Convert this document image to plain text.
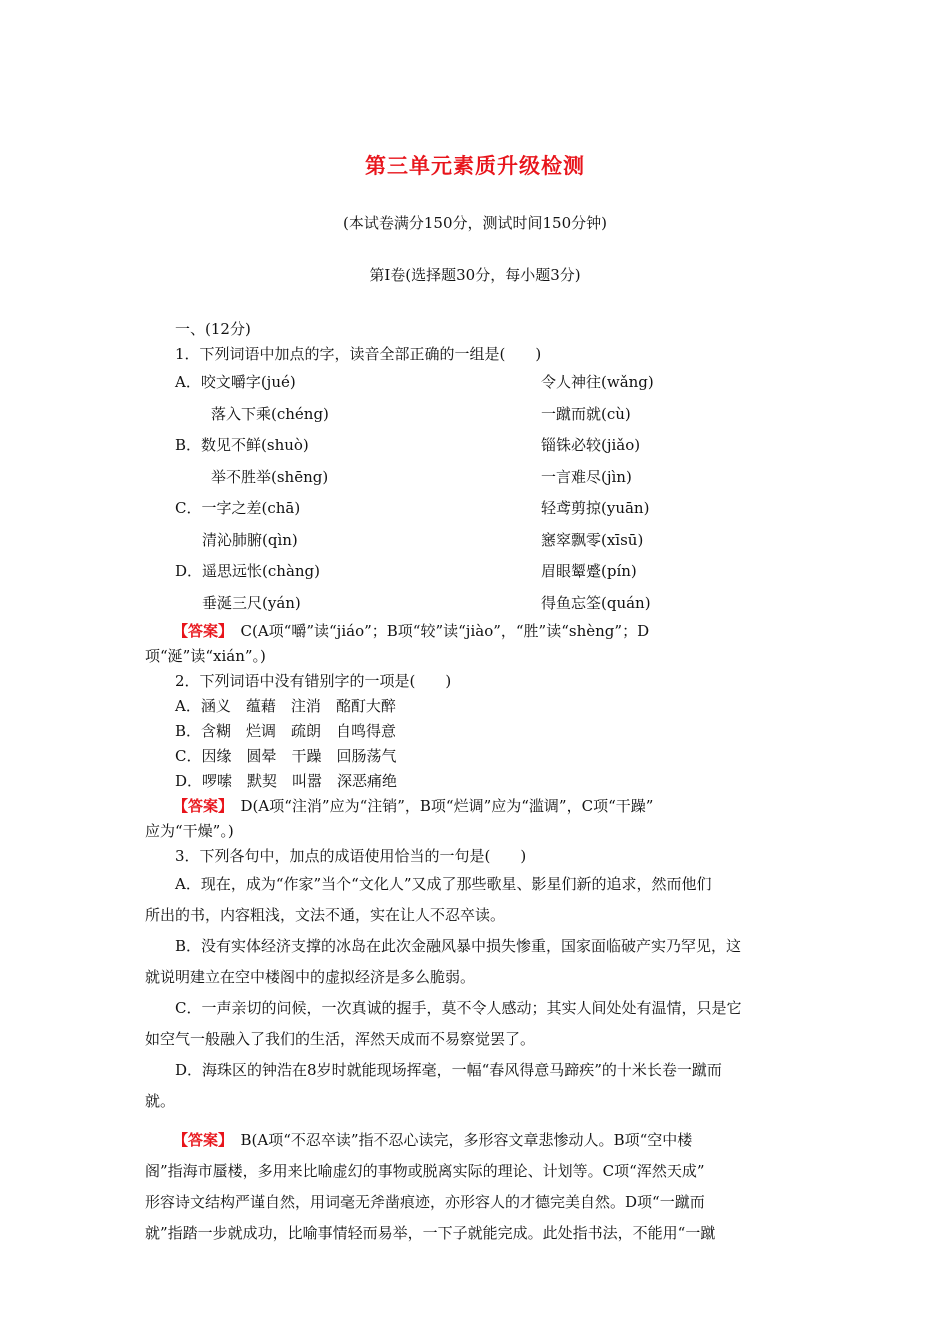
第三单元素质升级检测
(本试卷满分150分，测试时间150分钟)
第Ⅰ卷(选择题30分，每小题3分)
一、(12分)
1．下列词语中加点的字，读音全部正确的一组是(　　)
A．咬文嚼字(jué)	令人神往(wǎng)
落入下乘(chéng)	一蹴而就(cù)
B．数见不鲜(shuò)	锱铢必较(jiǎo)
举不胜举(shēng)	一言难尽(jìn)
C．一字之差(chā)	轻鸢剪掠(yuān)
清沁肺腑(qìn)	窸窣飘零(xīsū)
D．遥思远怅(chàng)	眉眼颦蹙(pín)
垂涎三尺(yán)	得鱼忘筌(quán)
【答案】　C(A项“嚼”读“jiáo”；B项“较”读“jiào”，“胜”读“shèng”；D
项“涎”读“xián”。)
2．下列词语中没有错别字的一项是(　　)
A．涵义　蕴藉　注消　酩酊大醉
B．含糊　烂调　疏朗　自鸣得意
C．因缘　圆晕　干躁　回肠荡气
D．啰嗦　默契　叫嚣　深恶痛绝
【答案】　D(A项“注消”应为“注销”，B项“烂调”应为“滥调”，C项“干躁”
应为“干燥”。)
3．下列各句中，加点的成语使用恰当的一句是(　　)
A．现在，成为“作家”当个“文化人”又成了那些歌星、影星们新的追求，然而他们
所出的书，内容粗浅，文法不通，实在让人不忍卒读。
B．没有实体经济支撑的冰岛在此次金融风暴中损失惨重，国家面临破产实乃罕见，这
就说明建立在空中楼阁中的虚拟经济是多么脆弱。
C．一声亲切的问候，一次真诚的握手，莫不令人感动；其实人间处处有温情，只是它
如空气一般融入了我们的生活，浑然天成而不易察觉罢了。
D．海珠区的钟浩在8岁时就能现场挥毫，一幅“春风得意马蹄疾”的十米长卷一蹴而
就。
【答案】　B(A项“不忍卒读”指不忍心读完，多形容文章悲惨动人。B项“空中楼
阁”指海市蜃楼，多用来比喻虚幻的事物或脱离实际的理论、计划等。C项“浑然天成”
形容诗文结构严谨自然，用词毫无斧凿痕迹，亦形容人的才德完美自然。D项“一蹴而
就”指踏一步就成功，比喻事情轻而易举，一下子就能完成。此处指书法，不能用“一蹴
